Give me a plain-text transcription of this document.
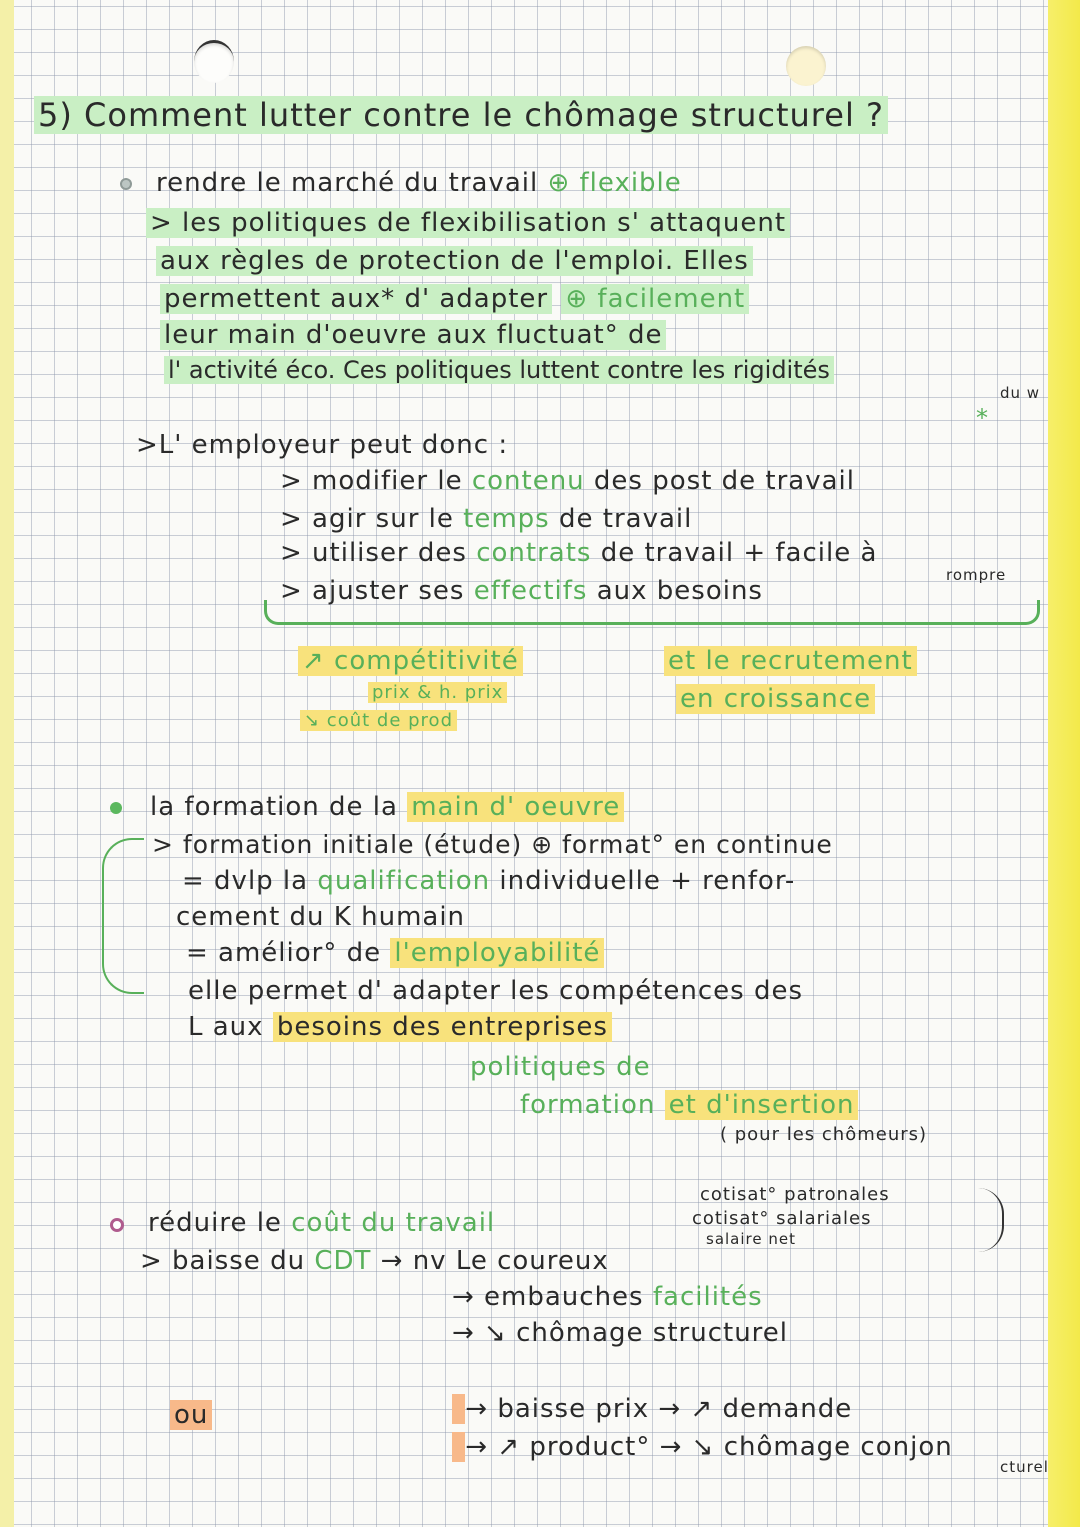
5) Comment lutter contre le chômage structurel ?
rendre le marché du travail ⊕ flexible
> les politiques de flexibilisation s' attaquent
aux règles de protection de l'emploi. Elles
permettent aux* d' adapter ⊕ facilement
leur main d'oeuvre aux fluctuat° de
l' activité éco. Ces politiques luttent contre les rigidités
du w
*
>L' employeur peut donc :
> modifier le contenu des post de travail
> agir sur le temps de travail
> utiliser des contrats de travail + facile à
rompre
> ajuster ses effectifs aux besoins
↗ compétitivité
prix & h. prix
↘ coût de prod
et le recrutement
en croissance
la formation de la main d' oeuvre
> formation initiale (étude) ⊕ format° en continue
= dvlp la qualification individuelle + renfor-
cement du K humain
= amélior° de l'employabilité
elle permet d' adapter les compétences des
L aux besoins des entreprises
politiques de
formation et d'insertion
( pour les chômeurs)
réduire le coût du travail
cotisat° patronales
cotisat° salariales
salaire net
> baisse du CDT → nv Le coureux
→ embauches facilités
→ ↘ chômage structurel
ou	→ baisse prix → ↗ demande
→ ↗ product° → ↘ chômage conjon
cturel
